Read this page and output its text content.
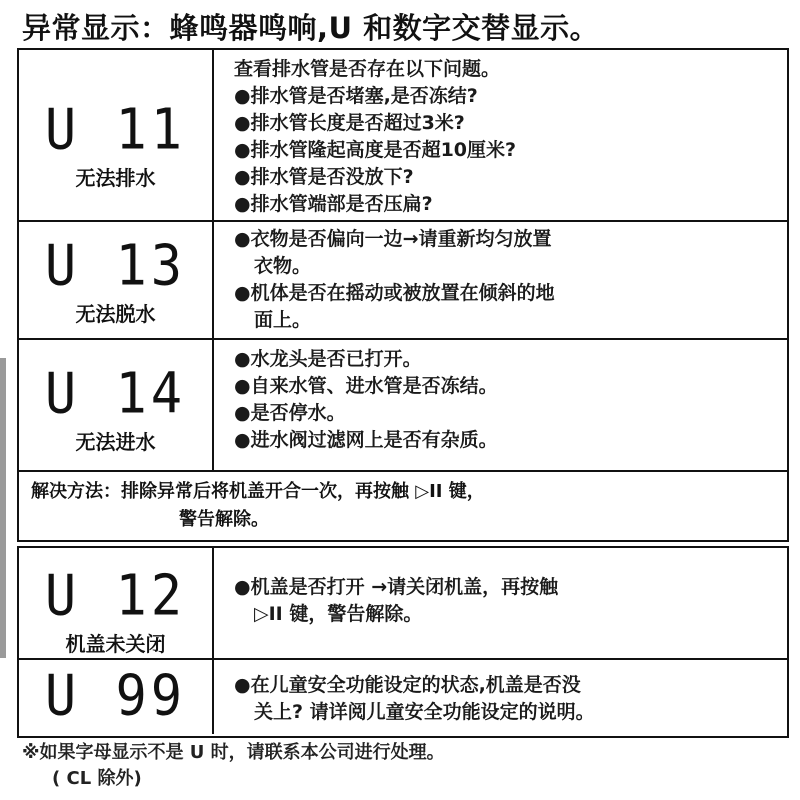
异常显示：蜂鸣器鸣响,U 和数字交替显示。
U 11
无法排水
查看排水管是否存在以下问题。
●排水管是否堵塞,是否冻结?
●排水管长度是否超过3米?
●排水管隆起高度是否超10厘米?
●排水管是否没放下?
●排水管端部是否压扁?
U 13
无法脱水
●衣物是否偏向一边→请重新均匀放置
衣物。
●机体是否在摇动或被放置在倾斜的地
面上。
U 14
无法进水
●水龙头是否已打开。
●自来水管、进水管是否冻结。
●是否停水。
●进水阀过滤网上是否有杂质。
解决方法：排除异常后将机盖开合一次，再按触 ▷II 键，
警告解除。
U 12
机盖未关闭
●机盖是否打开 →请关闭机盖，再按触
▷II 键，警告解除。
U 99	●在儿童安全功能设定的状态,机盖是否没
关上? 请详阅儿童安全功能设定的说明。
※如果字母显示不是 U 时，请联系本公司进行处理。
( CL 除外)
